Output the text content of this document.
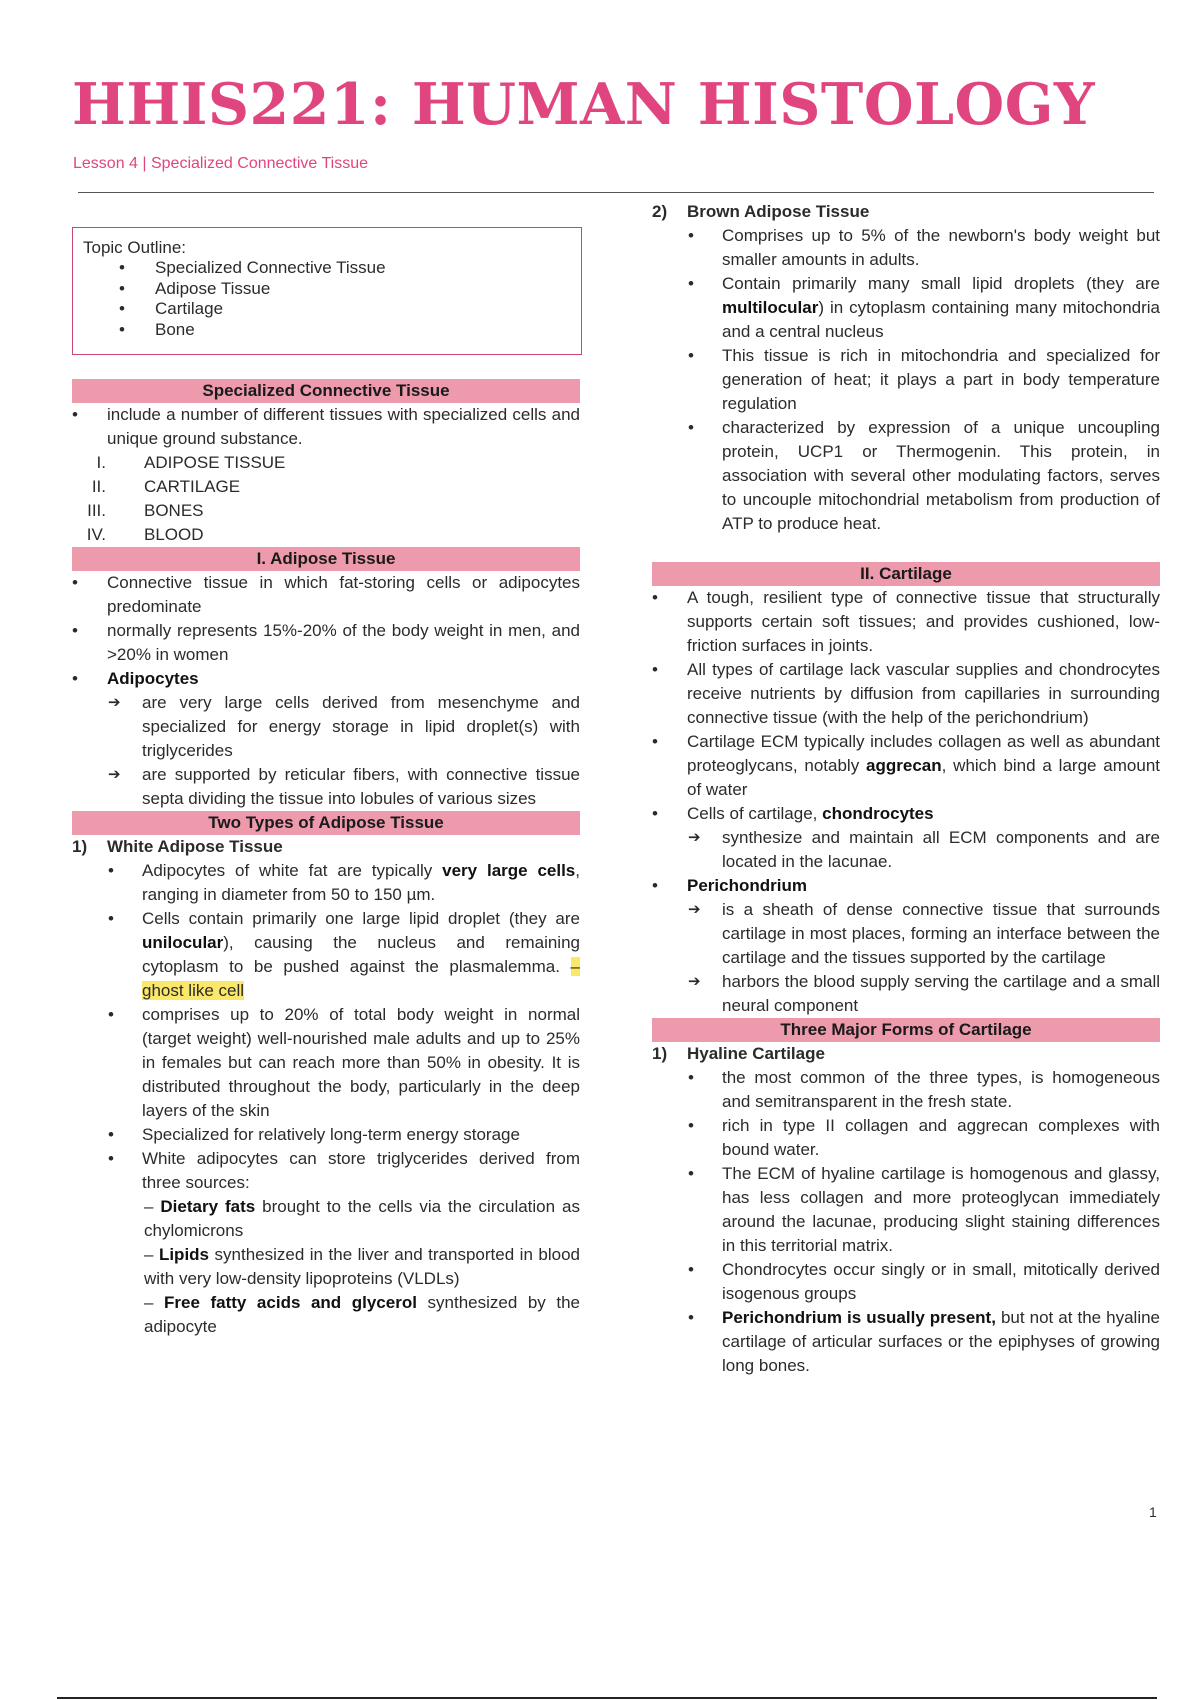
HHIS221: HUMAN HISTOLOGY
Lesson 4 | Specialized Connective Tissue
Topic Outline:
• Specialized Connective Tissue
• Adipose Tissue
• Cartilage
• Bone
Specialized Connective Tissue
• include a number of different tissues with specialized cells and unique ground substance.
I. ADIPOSE TISSUE
II. CARTILAGE
III. BONES
IV. BLOOD
I. Adipose Tissue
• Connective tissue in which fat-storing cells or adipocytes predominate
• normally represents 15%-20% of the body weight in men, and >20% in women
• Adipocytes
➔ are very large cells derived from mesenchyme and specialized for energy storage in lipid droplet(s) with triglycerides
➔ are supported by reticular fibers, with connective tissue septa dividing the tissue into lobules of various sizes
Two Types of Adipose Tissue
1) White Adipose Tissue
• Adipocytes of white fat are typically very large cells, ranging in diameter from 50 to 150 µm.
• Cells contain primarily one large lipid droplet (they are unilocular), causing the nucleus and remaining cytoplasm to be pushed against the plasmalemma. – ghost like cell
• comprises up to 20% of total body weight in normal (target weight) well-nourished male adults and up to 25% in females but can reach more than 50% in obesity. It is distributed throughout the body, particularly in the deep layers of the skin
• Specialized for relatively long-term energy storage
• White adipocytes can store triglycerides derived from three sources:
– Dietary fats brought to the cells via the circulation as chylomicrons
– Lipids synthesized in the liver and transported in blood with very low-density lipoproteins (VLDLs)
– Free fatty acids and glycerol synthesized by the adipocyte
2) Brown Adipose Tissue
• Comprises up to 5% of the newborn's body weight but smaller amounts in adults.
• Contain primarily many small lipid droplets (they are multilocular) in cytoplasm containing many mitochondria and a central nucleus
• This tissue is rich in mitochondria and specialized for generation of heat; it plays a part in body temperature regulation
• characterized by expression of a unique uncoupling protein, UCP1 or Thermogenin. This protein, in association with several other modulating factors, serves to uncouple mitochondrial metabolism from production of ATP to produce heat.
II. Cartilage
• A tough, resilient type of connective tissue that structurally supports certain soft tissues; and provides cushioned, low-friction surfaces in joints.
• All types of cartilage lack vascular supplies and chondrocytes receive nutrients by diffusion from capillaries in surrounding connective tissue (with the help of the perichondrium)
• Cartilage ECM typically includes collagen as well as abundant proteoglycans, notably aggrecan, which bind a large amount of water
• Cells of cartilage, chondrocytes
➔ synthesize and maintain all ECM components and are located in the lacunae.
• Perichondrium
➔ is a sheath of dense connective tissue that surrounds cartilage in most places, forming an interface between the cartilage and the tissues supported by the cartilage
➔ harbors the blood supply serving the cartilage and a small neural component
Three Major Forms of Cartilage
1) Hyaline Cartilage
• the most common of the three types, is homogeneous and semitransparent in the fresh state.
• rich in type II collagen and aggrecan complexes with bound water.
• The ECM of hyaline cartilage is homogenous and glassy, has less collagen and more proteoglycan immediately around the lacunae, producing slight staining differences in this territorial matrix.
• Chondrocytes occur singly or in small, mitotically derived isogenous groups
• Perichondrium is usually present, but not at the hyaline cartilage of articular surfaces or the epiphyses of growing long bones.
1
